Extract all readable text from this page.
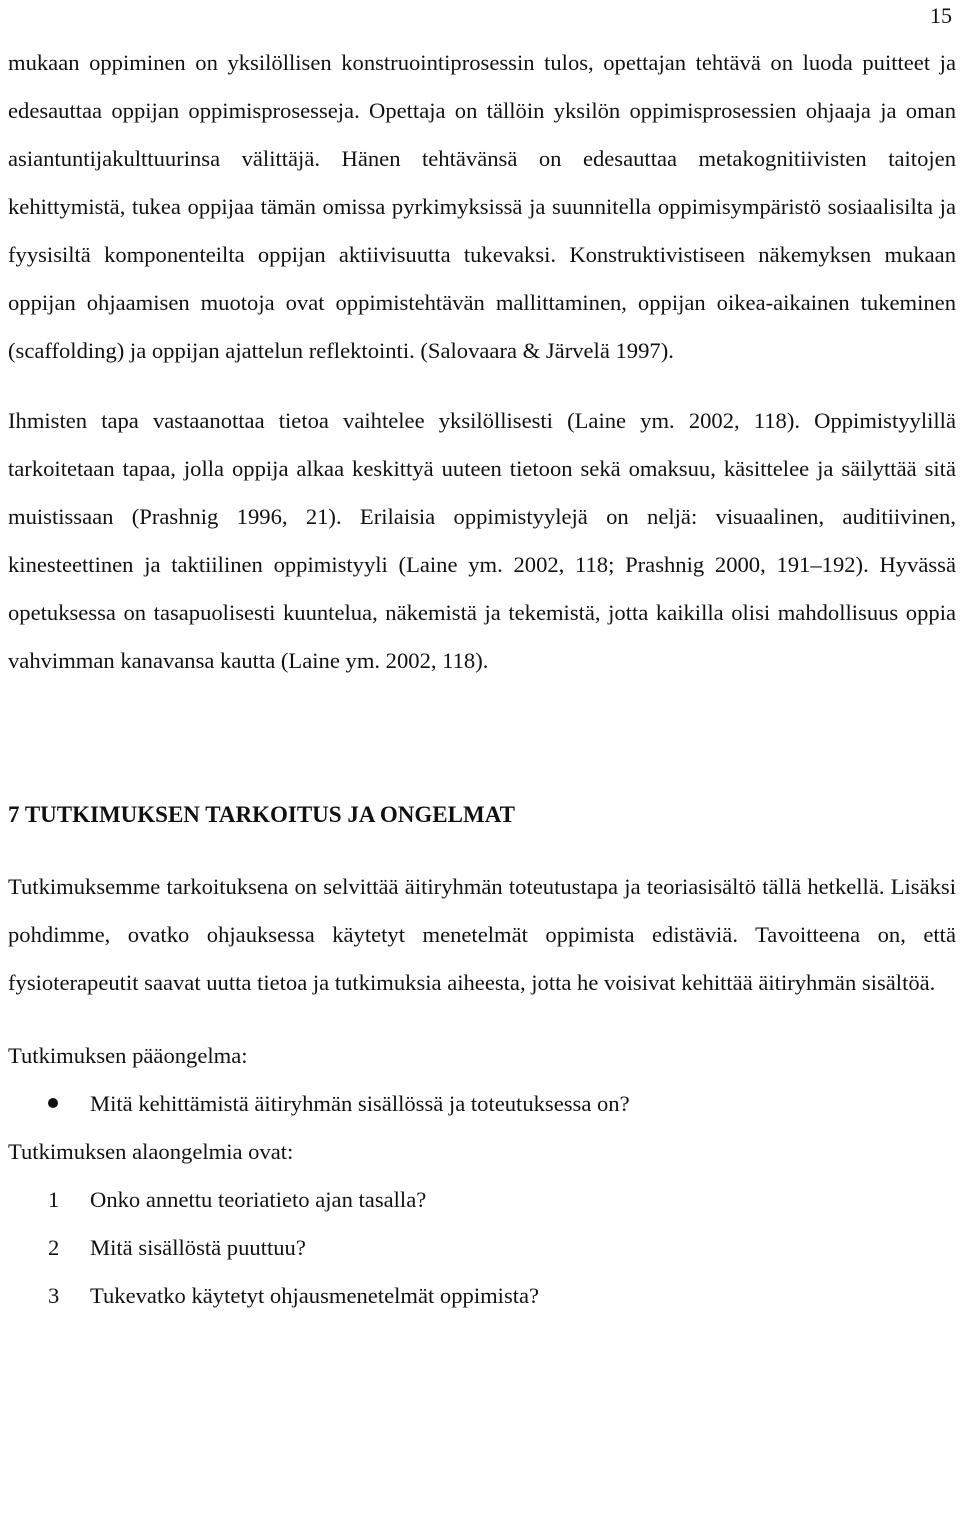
15

mukaan oppiminen on yksilöllisen konstruointiprosessin tulos, opettajan tehtävä on luoda puitteet ja edesauttaa oppijan oppimisprosesseja. Opettaja on tällöin yksilön oppimisprosessien ohjaaja ja oman asiantuntijakulttuurinsa välittäjä. Hänen tehtävänsä on edesauttaa metakognitiivisten taitojen kehittymistä, tukea oppijaa tämän omissa pyrkimyksissä ja suunnitella oppimisympäristö sosiaalisilta ja fyysisiltä komponenteilta oppijan aktiivisuutta tukevaksi. Konstruktivistiseen näkemyksen mukaan oppijan ohjaamisen muotoja ovat oppimistehtävän mallittaminen, oppijan oikea-aikainen tukeminen (scaffolding) ja oppijan ajattelun reflektointi. (Salovaara & Järvelä 1997).

Ihmisten tapa vastaanottaa tietoa vaihtelee yksilöllisesti (Laine ym. 2002, 118). Oppimistyylillä tarkoitetaan tapaa, jolla oppija alkaa keskittyä uuteen tietoon sekä omaksuu, käsittelee ja säilyttää sitä muistissaan (Prashnig 1996, 21). Erilaisia oppimistyylejä on neljä: visuaalinen, auditiivinen, kinesteettinen ja taktiilinen oppimistyyli (Laine ym. 2002, 118; Prashnig 2000, 191–192). Hyvässä opetuksessa on tasapuolisesti kuuntelua, näkemistä ja tekemistä, jotta kaikilla olisi mahdollisuus oppia vahvimman kanavansa kautta (Laine ym. 2002, 118).

7 TUTKIMUKSEN TARKOITUS JA ONGELMAT

Tutkimuksemme tarkoituksena on selvittää äitiryhmän toteutustapa ja teoriasisältö tällä hetkellä. Lisäksi pohdimme, ovatko ohjauksessa käytetyt menetelmät oppimista edistäviä. Tavoitteena on, että fysioterapeutit saavat uutta tietoa ja tutkimuksia aiheesta, jotta he voisivat kehittää äitiryhmän sisältöä.

Tutkimuksen pääongelma:

Mitä kehittämistä äitiryhmän sisällössä ja toteutuksessa on?

Tutkimuksen alaongelmia ovat:

1 Onko annettu teoriatieto ajan tasalla?
2 Mitä sisällöstä puuttuu?
3 Tukevatko käytetyt ohjausmenetelmät oppimista?
